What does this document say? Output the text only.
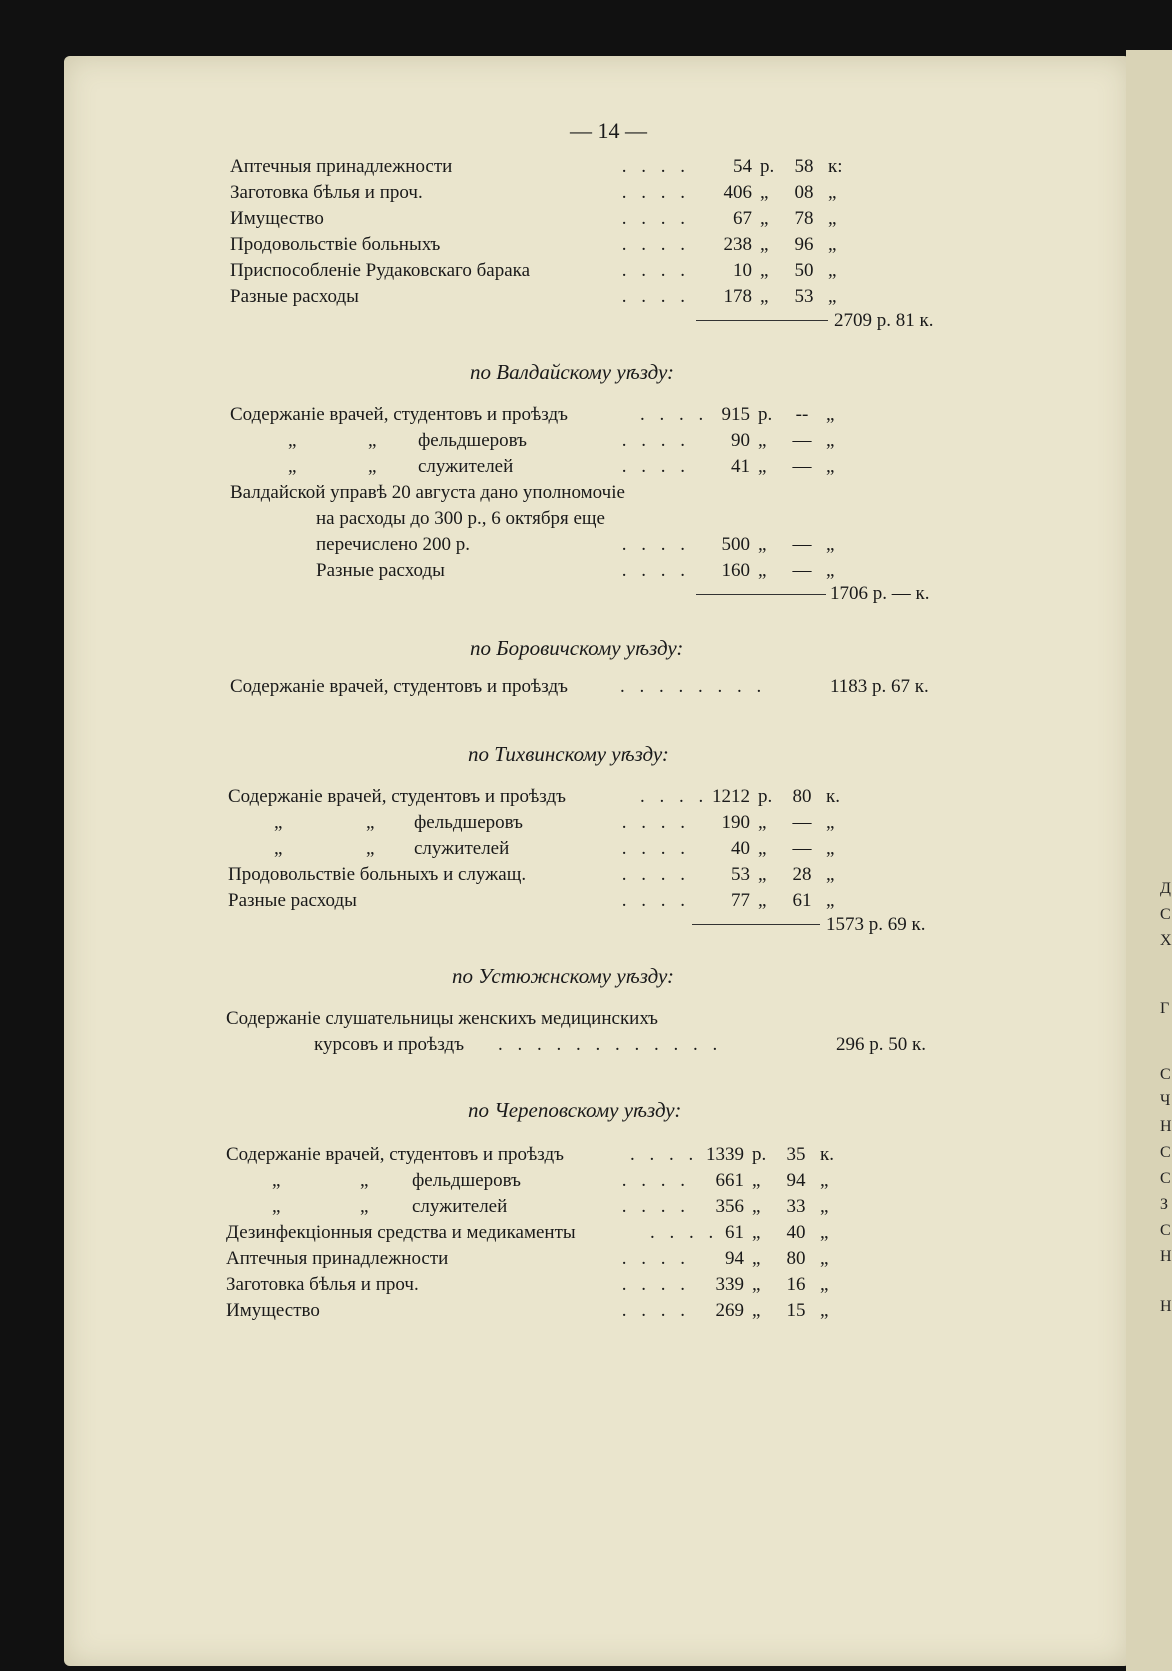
Д
С
Х
Г
С
Ч
Н
С
С
З
С
Н
Н
— 14 —
Аптечныя принадлежности	. . . .	54 р.	58 к:
Заготовка бѣлья и проч.	. . . .	406 „	08 „
Имущество	. . . .	67 „	78 „
Продовольствіе больныхъ	. . . .	238 „	96 „
Приспособленіе Рудаковскаго барака	. . . .	10 „	50 „
Разные расходы	. . . .	178 „	53 „
2709 р. 81 к.
по Валдайскому уѣзду:
Содержаніе врачей, студентовъ и проѣздъ	. . . . 915 р.	-- „
„	„ фельдшеровъ	. . . .	90 „	— „
„	„ служителей	. . . .	41 „	— „
Валдайской управѣ 20 августа дано уполномочіе
на расходы до 300 р., 6 октября еще
перечислено 200 р.	. . . .	500 „	— „
Разные расходы	. . . .	160 „	— „
1706 р. — к.
по Боровичскому уѣзду:
Содержаніе врачей, студентовъ и проѣздъ	. . . . . . . .	1183 р. 67 к.
по Тихвинскому уѣзду:
Содержаніе врачей, студентовъ и проѣздъ	. . . . 1212 р.	80 к.
„	„ фельдшеровъ	. . . .	190 „	— „
„	„ служителей	. . . .	40 „	— „
Продовольствіе больныхъ и служащ.	. . . .	53 „	28 „
Разные расходы	. . . .	77 „	61 „
1573 р. 69 к.
по Устюжнскому уѣзду:
Содержаніе слушательницы женскихъ медицинскихъ
курсовъ и проѣздъ . . . . . . . . . . . .	296 р. 50 к.
по Череповскому уѣзду:
Содержаніе врачей, студентовъ и проѣздъ	. . . . 1339 р.	35 к.
„	„ фельдшеровъ	. . . .	661 „	94 „
„	„ служителей	. . . .	356 „	33 „
Дезинфекціонныя средства и медикаменты	. . . . 61 „	40 „
Аптечныя принадлежности	. . . .	94 „	80 „
Заготовка бѣлья и проч.	. . . .	339 „	16 „
Имущество	. . . .	269 „	15 „
